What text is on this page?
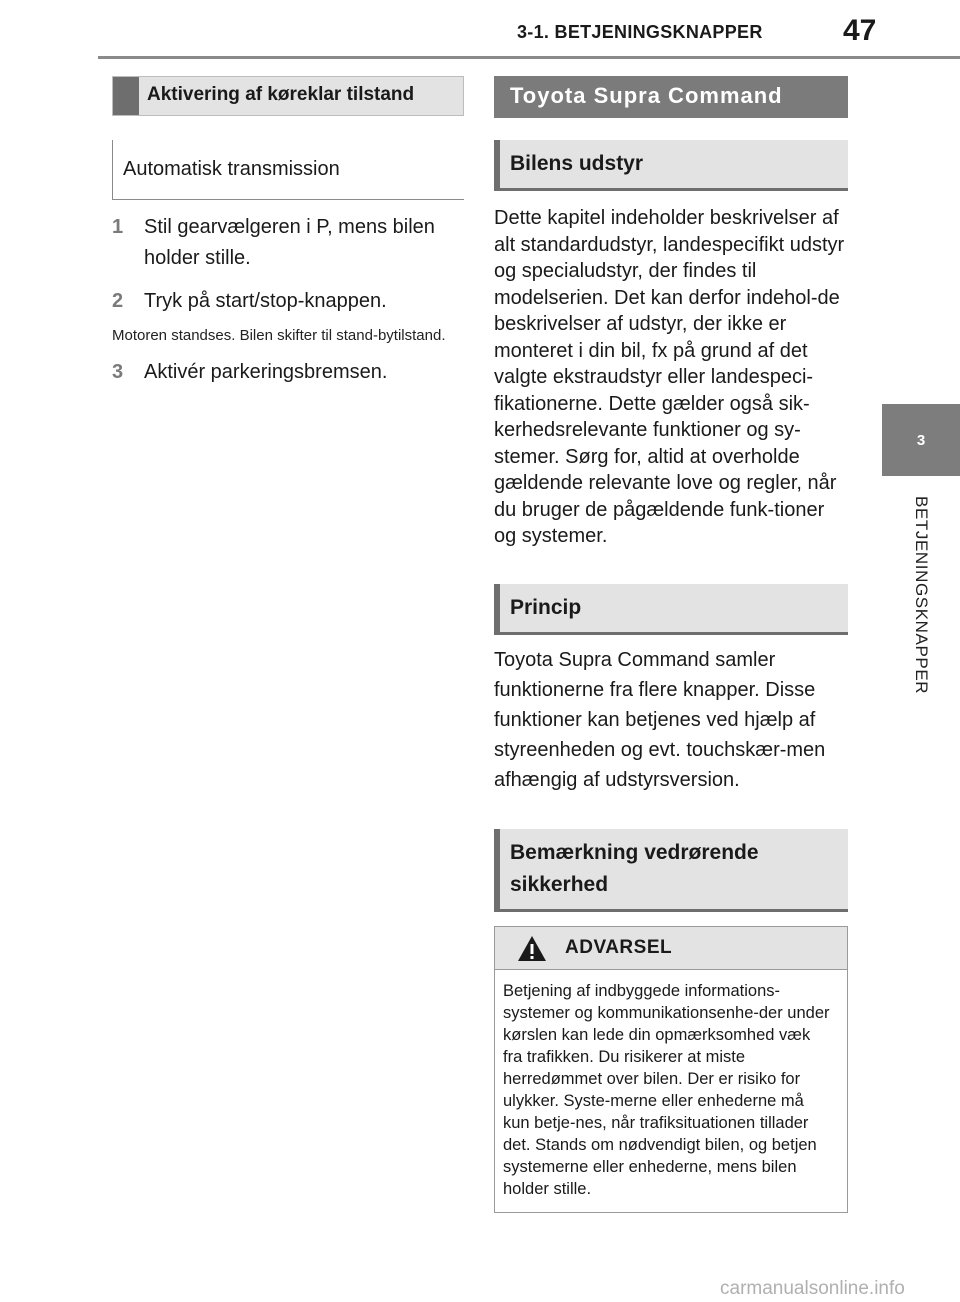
3-1. BETJENINGSKNAPPER	47
3
BETJENINGSKNAPPER
Aktivering af køreklar tilstand
Automatisk transmission
1	Stil gearvælgeren i P, mens bilen holder stille.
2	Tryk på start/stop-knappen.
Motoren standses. Bilen skifter til stand-bytilstand.
3	Aktivér parkeringsbremsen.
Toyota Supra Command
Bilens udstyr
Dette kapitel indeholder beskrivelser af alt standardudstyr, landespecifikt udstyr og specialudstyr, der findes til modelserien. Det kan derfor indehol-de beskrivelser af udstyr, der ikke er monteret i din bil, fx på grund af det valgte ekstraudstyr eller landespeci-fikationerne. Dette gælder også sik-kerhedsrelevante funktioner og sy-stemer. Sørg for, altid at overholde gældende relevante love og regler, når du bruger de pågældende funk-tioner og systemer.
Princip
Toyota Supra Command samler funktionerne fra flere knapper. Disse funktioner kan betjenes ved hjælp af styreenheden og evt. touchskær-men afhængig af udstyrsversion.
Bemærkning vedrørende sikkerhed
ADVARSEL
Betjening af indbyggede informations-systemer og kommunikationsenhe-der under kørslen kan lede din opmærksomhed væk fra trafikken. Du risikerer at miste herredømmet over bilen. Der er risiko for ulykker. Syste-merne eller enhederne må kun betje-nes, når trafiksituationen tillader det. Stands om nødvendigt bilen, og betjen systemerne eller enhederne, mens bilen holder stille.
carmanualsonline.info
